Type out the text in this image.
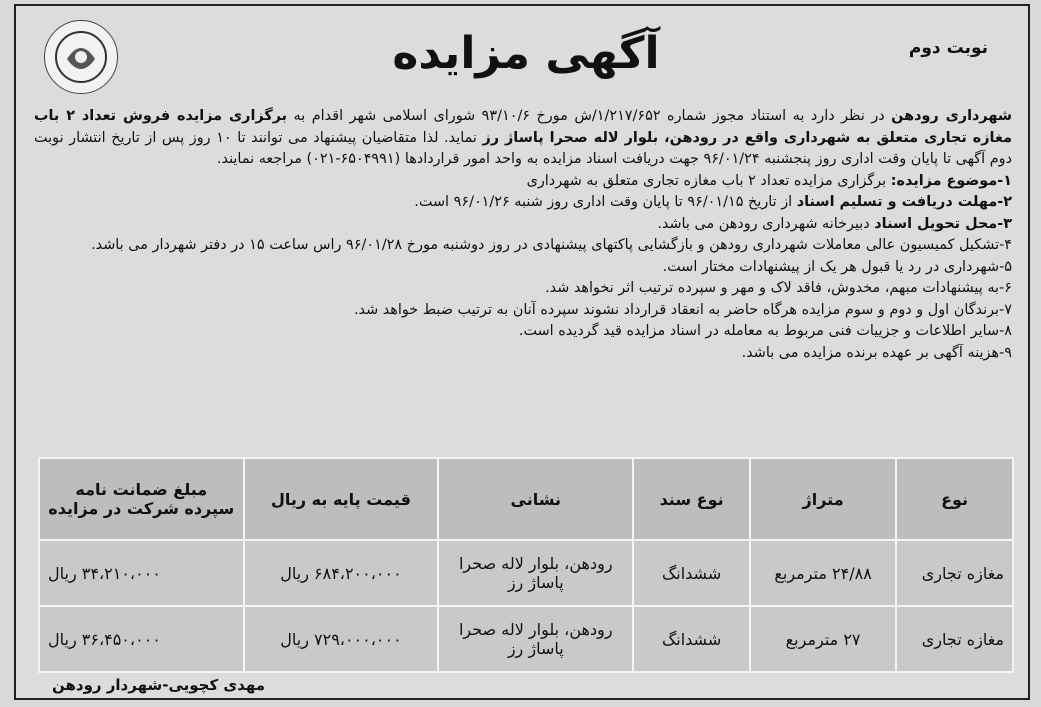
آگهی مزایده	نوبت دوم

شهرداری رودهن در نظر دارد به استناد مجوز شماره ۱/۲۱۷/۶۵۲/ش مورخ ۹۳/۱۰/۶ شورای اسلامی شهر اقدام به برگزاری مزایده فروش تعداد ۲ باب مغازه تجاری متعلق به شهرداری واقع در رودهن، بلوار لاله صحرا پاساژ رز نماید. لذا متقاضیان پیشنهاد می توانند تا ۱۰ روز پس از تاریخ انتشار نوبت دوم آگهی تا پایان وقت اداری روز پنجشنبه ۹۶/۰۱/۲۴ جهت دریافت اسناد مزایده به واحد امور قراردادها (۶۵۰۴۹۹۱-۰۲۱) مراجعه نمایند.

۱-موضوع مزایده: برگزاری مزایده تعداد ۲ باب مغازه تجاری متعلق به شهرداری

۲-مهلت دریافت و تسلیم اسناد از تاریخ ۹۶/۰۱/۱۵ تا پایان وقت اداری روز شنبه ۹۶/۰۱/۲۶ است.

۳-محل تحویل اسناد دبیرخانه شهرداری رودهن می باشد.

۴-تشکیل کمیسیون عالی معاملات شهرداری رودهن و بازگشایی پاکتهای پیشنهادی در روز دوشنبه مورخ ۹۶/۰۱/۲۸ راس ساعت ۱۵ در دفتر شهردار می باشد.

۵-شهرداری در رد یا قبول هر یک از پیشنهادات مختار است.

۶-به پیشنهادات مبهم، مخدوش، فاقد لاک و مهر و سپرده ترتیب اثر نخواهد شد.

۷-برندگان اول و دوم و سوم مزایده هرگاه حاضر به انعقاد قرارداد نشوند سپرده آنان به ترتیب ضبط خواهد شد.

۸-سایر اطلاعات و جزییات فنی مربوط به معامله در اسناد مزایده قید گردیده است.

۹-هزینه آگهی بر عهده برنده مزایده می باشد.

نوع	متراژ	نوع سند	نشانی	قیمت پایه به ریال	مبلغ ضمانت نامه سپرده شرکت در مزایده
مغازه تجاری	۲۴/۸۸ مترمربع	ششدانگ	رودهن، بلوار لاله صحرا پاساژ رز	۶۸۴،۲۰۰،۰۰۰ ریال	۳۴،۲۱۰،۰۰۰ ریال
مغازه تجاری	۲۷ مترمربع	ششدانگ	رودهن، بلوار لاله صحرا پاساژ رز	۷۲۹،۰۰۰،۰۰۰ ریال	۳۶،۴۵۰،۰۰۰ ریال
مهدی کچویی-شهردار رودهن
